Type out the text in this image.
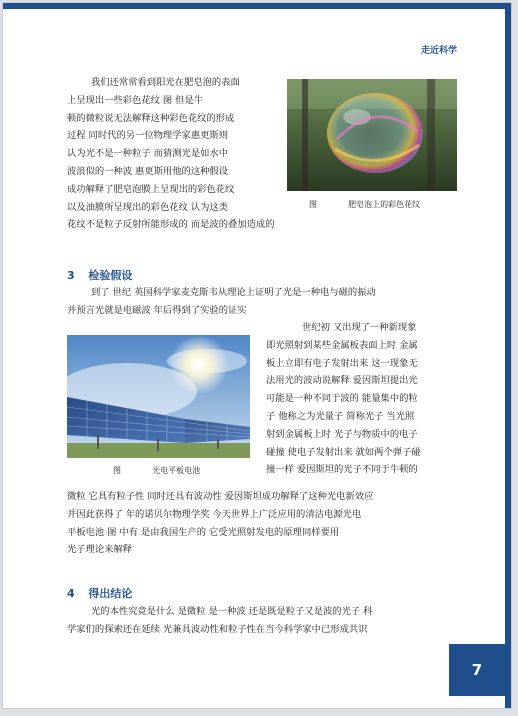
走近科学
我们还常常看到阳光在肥皂泡的表面
上呈现出一些彩色花纹 图 但是牛
顿的微粒说无法解释这种彩色花纹的形成
过程 同时代的另一位物理学家惠更斯则
认为光不是一种粒子 而猜测光是如水中
波浪似的一种波 惠更斯用他的这种假设
成功解释了肥皂泡膜上呈现出的彩色花纹
以及油膜所呈现出的彩色花纹 认为这类
花纹不是粒子反射所能形成的 而是波的叠加造成的
图	肥皂泡上的彩色花纹
3 检验假设
到了 世纪 英国科学家麦克斯韦从理论上证明了光是一种电与磁的振动
并预言光就是电磁波 年后得到了实验的证实
图	光电平板电池
世纪初 又出现了一种新现象
即光照射到某些金属板表面上时 金属
板上立即有电子发射出来 这一现象无
法用光的波动说解释 爱因斯坦提出光
可能是一种不同于波的 能量集中的粒
子 他称之为光量子 简称光子 当光照
射到金属板上时 光子与物质中的电子
碰撞 使电子发射出来 就如两个弹子碰
撞一样 爱因斯坦的光子不同于牛顿的
微粒 它具有粒子性 同时还具有波动性 爱因斯坦成功解释了这种光电新效应
并因此获得了 年的诺贝尔物理学奖 今天世界上广泛应用的清洁电源光电
平板电池 图 中有 是由我国生产的 它受光照射发电的原理同样要用
光子理论来解释
4 得出结论
光的本性究竟是什么 是微粒 是一种波 还是既是粒子又是波的光子 科
学家们的探索还在延续 光兼具波动性和粒子性在当今科学家中已形成共识
7
